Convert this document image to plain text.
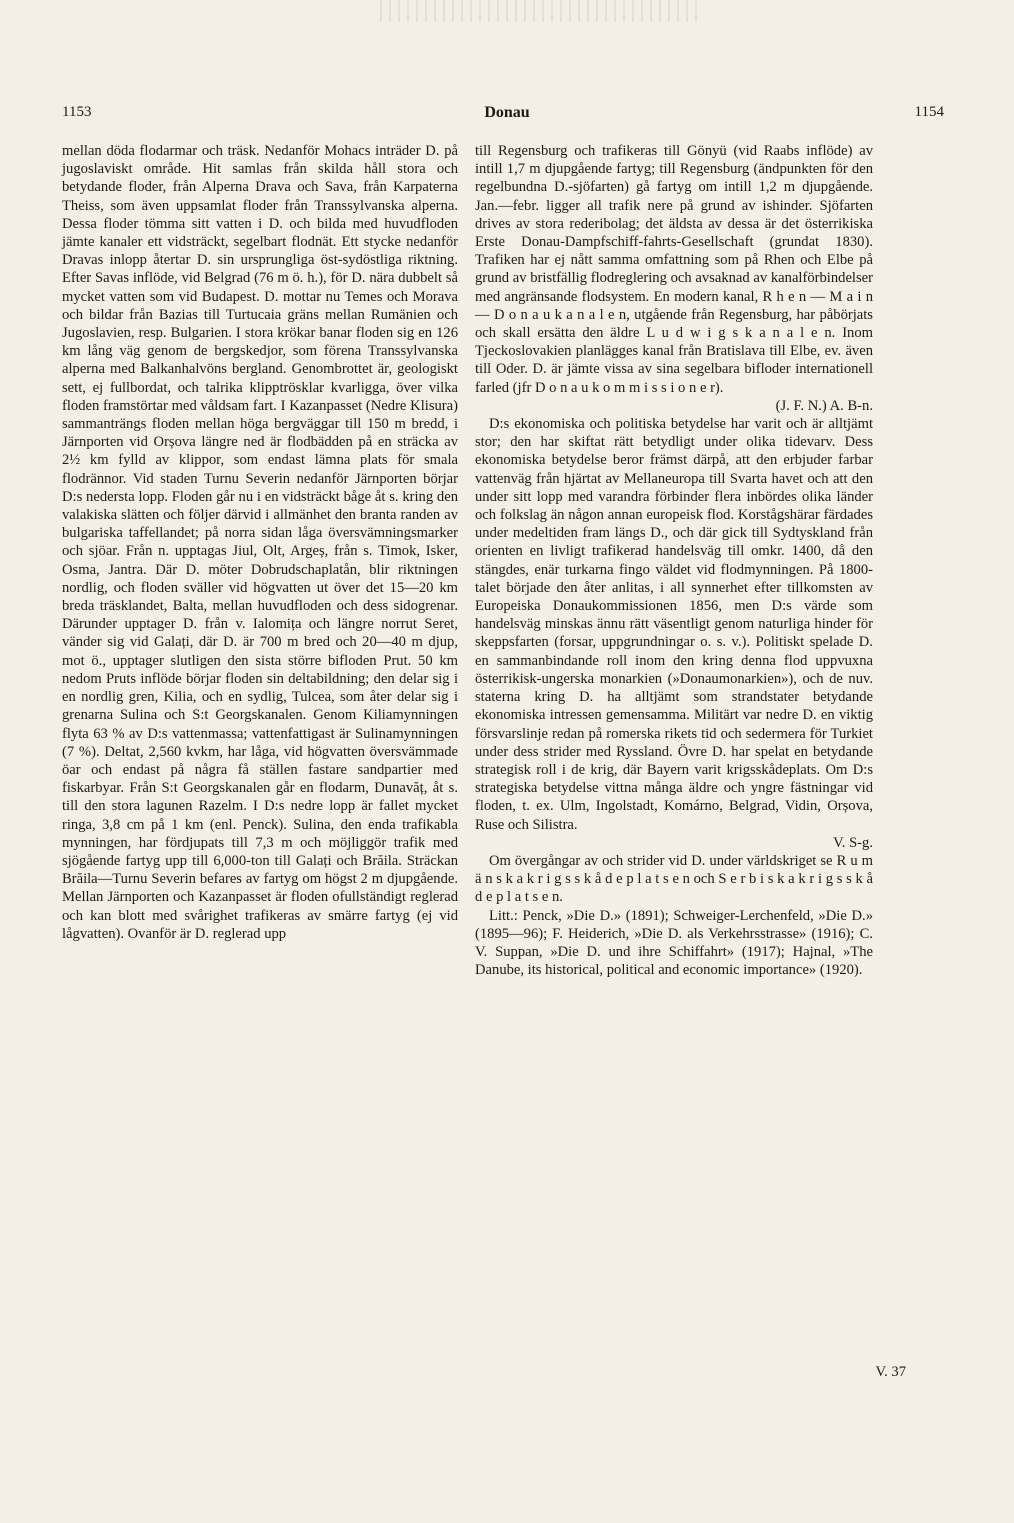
1153	Donau	1154

mellan döda flodarmar och träsk. Nedanför Mohacs inträder D. på jugoslaviskt område. Hit samlas från skilda håll stora och betydande floder, från Alperna Drava och Sava, från Karpaterna Theiss, som även uppsamlat floder från Transsylvanska alperna. Dessa floder tömma sitt vatten i D. och bilda med huvudfloden jämte kanaler ett vidsträckt, segelbart flodnät. Ett stycke nedanför Dravas inlopp återtar D. sin ursprungliga öst-sydöstliga riktning. Efter Savas inflöde, vid Belgrad (76 m ö. h.), för D. nära dubbelt så mycket vatten som vid Budapest. D. mottar nu Temes och Morava och bildar från Bazias till Turtucaia gräns mellan Rumänien och Jugoslavien, resp. Bulgarien. I stora krökar banar floden sig en 126 km lång väg genom de bergskedjor, som förena Transsylvanska alperna med Balkanhalvöns bergland. Genombrottet är, geologiskt sett, ej fullbordat, och talrika klipptrösklar kvarligga, över vilka floden framstörtar med våldsam fart. I Kazanpasset (Nedre Klisura) sammanträngs floden mellan höga bergväggar till 150 m bredd, i Järnporten vid Orșova längre ned är flodbädden på en sträcka av 2½ km fylld av klippor, som endast lämna plats för smala flodrännor. Vid staden Turnu Severin nedanför Järnporten börjar D:s nedersta lopp. Floden går nu i en vidsträckt båge åt s. kring den valakiska slätten och följer därvid i allmänhet den branta randen av bulgariska taffellandet; på norra sidan låga översvämningsmarker och sjöar. Från n. upptagas Jiul, Olt, Argeș, från s. Timok, Isker, Osma, Jantra. Där D. möter Dobrudschaplatån, blir riktningen nordlig, och floden sväller vid högvatten ut över det 15—20 km breda träsklandet, Balta, mellan huvudfloden och dess sidogrenar. Därunder upptager D. från v. Ialomița och längre norrut Seret, vänder sig vid Galați, där D. är 700 m bred och 20—40 m djup, mot ö., upptager slutligen den sista större bifloden Prut. 50 km nedom Pruts inflöde börjar floden sin deltabildning; den delar sig i en nordlig gren, Kilia, och en sydlig, Tulcea, som åter delar sig i grenarna Sulina och S:t Georgskanalen. Genom Kiliamynningen flyta 63 % av D:s vattenmassa; vattenfattigast är Sulinamynningen (7 %). Deltat, 2,560 kvkm, har låga, vid högvatten översvämmade öar och endast på några få ställen fastare sandpartier med fiskarbyar. Från S:t Georgskanalen går en flodarm, Dunavăț, åt s. till den stora lagunen Razelm. I D:s nedre lopp är fallet mycket ringa, 3,8 cm på 1 km (enl. Penck). Sulina, den enda trafikabla mynningen, har fördjupats till 7,3 m och möjliggör trafik med sjögående fartyg upp till 6,000-ton till Galați och Brăila. Sträckan Brăila—Turnu Severin befares av fartyg om högst 2 m djupgående. Mellan Järnporten och Kazanpasset är floden ofullständigt reglerad och kan blott med svårighet trafikeras av smärre fartyg (ej vid lågvatten). Ovanför är D. reglerad upp

till Regensburg och trafikeras till Gönyü (vid Raabs inflöde) av intill 1,7 m djupgående fartyg; till Regensburg (ändpunkten för den regelbundna D.-sjöfarten) gå fartyg om intill 1,2 m djupgående. Jan.—febr. ligger all trafik nere på grund av ishinder. Sjöfarten drives av stora rederibolag; det äldsta av dessa är det österrikiska Erste Donau-Dampfschiff-fahrts-Gesellschaft (grundat 1830). Trafiken har ej nått samma omfattning som på Rhen och Elbe på grund av bristfällig flodreglering och avsaknad av kanalförbindelser med angränsande flodsystem. En modern kanal, R h e n — M a i n — D o n a u k a n a l e n, utgående från Regensburg, har påbörjats och skall ersätta den äldre L u d w i g s k a n a l e n. Inom Tjeckoslovakien planlägges kanal från Bratislava till Elbe, ev. även till Oder. D. är jämte vissa av sina segelbara bifloder internationell farled (jfr D o n a u k o m m i s s i o n e r).

(J. F. N.) A. B-n.

D:s ekonomiska och politiska betydelse har varit och är alltjämt stor; den har skiftat rätt betydligt under olika tidevarv. Dess ekonomiska betydelse beror främst därpå, att den erbjuder farbar vattenväg från hjärtat av Mellaneuropa till Svarta havet och att den under sitt lopp med varandra förbinder flera inbördes olika länder och folkslag än någon annan europeisk flod. Korstågshärar färdades under medeltiden fram längs D., och där gick till Sydtyskland från orienten en livligt trafikerad handelsväg till omkr. 1400, då den stängdes, enär turkarna fingo väldet vid flodmynningen. På 1800-talet började den åter anlitas, i all synnerhet efter tillkomsten av Europeiska Donaukommissionen 1856, men D:s värde som handelsväg minskas ännu rätt väsentligt genom naturliga hinder för skeppsfarten (forsar, uppgrundningar o. s. v.). Politiskt spelade D. en sammanbindande roll inom den kring denna flod uppvuxna österrikisk-ungerska monarkien (»Donaumonarkien»), och de nuv. staterna kring D. ha alltjämt som strandstater betydande ekonomiska intressen gemensamma. Militärt var nedre D. en viktig försvarslinje redan på romerska rikets tid och sedermera för Turkiet under dess strider med Ryssland. Övre D. har spelat en betydande strategisk roll i de krig, där Bayern varit krigsskådeplats. Om D:s strategiska betydelse vittna många äldre och yngre fästningar vid floden, t. ex. Ulm, Ingolstadt, Komárno, Belgrad, Vidin, Orșova, Ruse och Silistra.

V. S-g.

Om övergångar av och strider vid D. under världskriget se R u m ä n s k a k r i g s s k å d e p l a t s e n och S e r b i s k a k r i g s s k å d e p l a t s e n.

Litt.: Penck, »Die D.» (1891); Schweiger-Lerchenfeld, »Die D.» (1895—96); F. Heiderich, »Die D. als Verkehrsstrasse» (1916); C. V. Suppan, »Die D. und ihre Schiffahrt» (1917); Hajnal, »The Danube, its historical, political and economic importance» (1920).

V. 37
